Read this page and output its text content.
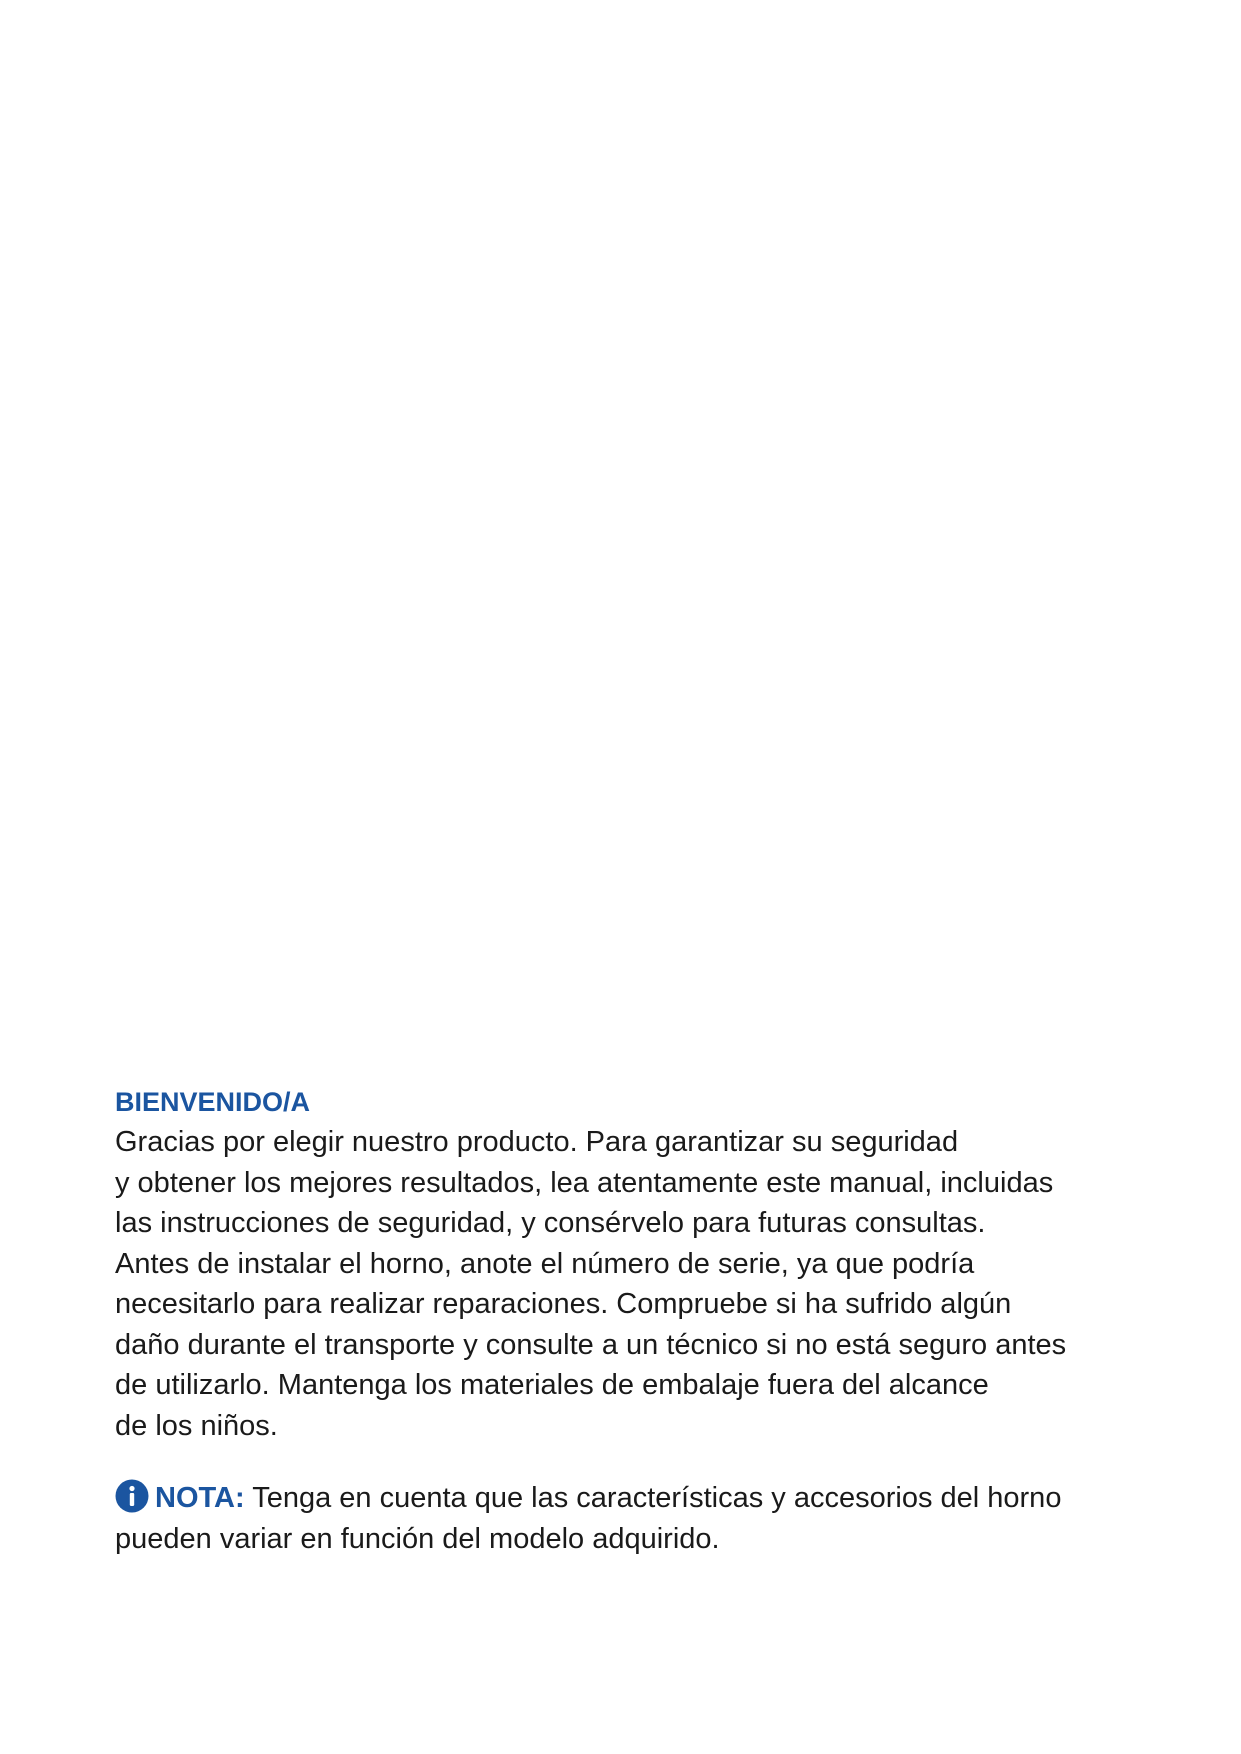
BIENVENIDO/A

Gracias por elegir nuestro producto. Para garantizar su seguridad
y obtener los mejores resultados, lea atentamente este manual, incluidas
las instrucciones de seguridad, y consérvelo para futuras consultas.
Antes de instalar el horno, anote el número de serie, ya que podría
necesitarlo para realizar reparaciones. Compruebe si ha sufrido algún
daño durante el transporte y consulte a un técnico si no está seguro antes
de utilizarlo. Mantenga los materiales de embalaje fuera del alcance
de los niños.

NOTA: Tenga en cuenta que las características y accesorios del horno
pueden variar en función del modelo adquirido.
